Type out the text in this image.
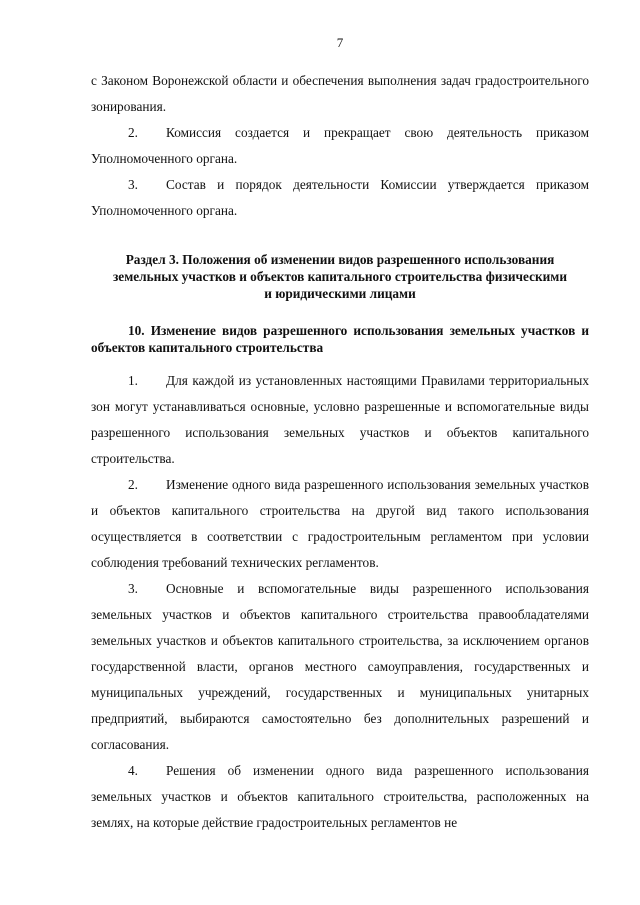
7

с Законом Воронежской области и обеспечения выполнения задач градостроительного зонирования.

2. Комиссия создается и прекращает свою деятельность приказом Уполномоченного органа.

3. Состав и порядок деятельности Комиссии утверждается приказом Уполномоченного органа.

Раздел 3. Положения об изменении видов разрешенного использования земельных участков и объектов капитального строительства физическими и юридическими лицами
10. Изменение видов разрешенного использования земельных участков и объектов капитального строительства

1. Для каждой из установленных настоящими Правилами территориальных зон могут устанавливаться основные, условно разрешенные и вспомогательные виды разрешенного использования земельных участков и объектов капитального строительства.

2. Изменение одного вида разрешенного использования земельных участков и объектов капитального строительства на другой вид такого использования осуществляется в соответствии с градостроительным регламентом при условии соблюдения требований технических регламентов.

3. Основные и вспомогательные виды разрешенного использования земельных участков и объектов капитального строительства правообладателями земельных участков и объектов капитального строительства, за исключением органов государственной власти, органов местного самоуправления, государственных и муниципальных учреждений, государственных и муниципальных унитарных предприятий, выбираются самостоятельно без дополнительных разрешений и согласования.

4. Решения об изменении одного вида разрешенного использования земельных участков и объектов капитального строительства, расположенных на землях, на которые действие градостроительных регламентов не
